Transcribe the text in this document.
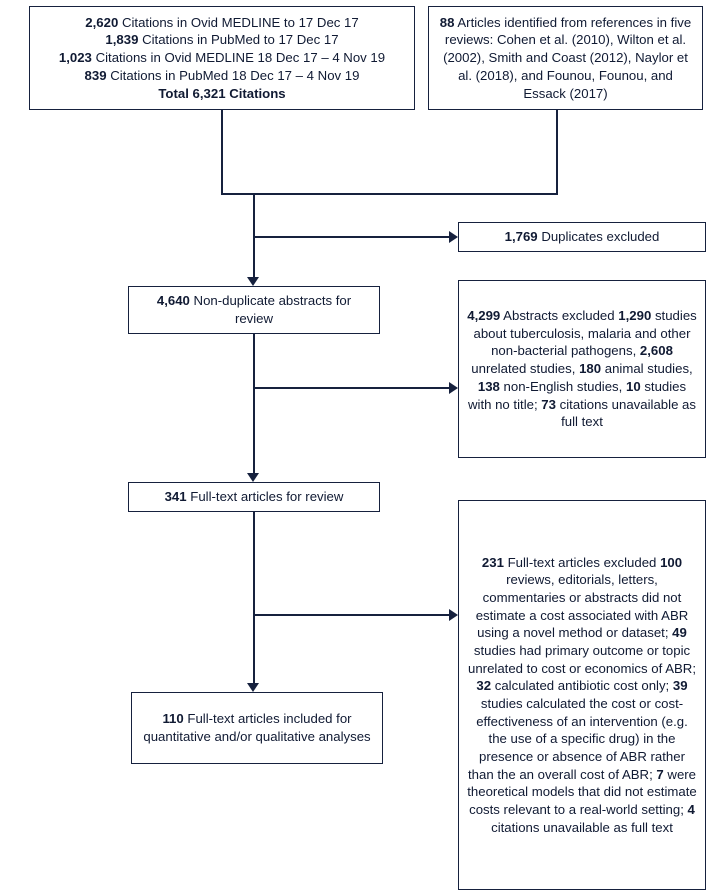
2,620 Citations in Ovid MEDLINE to 17 Dec 17
1,839 Citations in PubMed to 17 Dec 17
1,023 Citations in Ovid MEDLINE 18 Dec 17 – 4 Nov 19
839 Citations in PubMed 18 Dec 17 – 4 Nov 19
Total 6,321 Citations
88 Articles identified from references in five reviews: Cohen et al. (2010), Wilton et al. (2002), Smith and Coast (2012), Naylor et al. (2018), and Founou, Founou, and Essack (2017)
1,769 Duplicates excluded
4,640 Non-duplicate abstracts for review	4,299 Abstracts excluded 1,290 studies about tuberculosis, malaria and other non-bacterial pathogens, 2,608 unrelated studies, 180 animal studies, 138 non-English studies, 10 studies with no title; 73 citations unavailable as full text
341 Full-text articles for review
231 Full-text articles excluded 100 reviews, editorials, letters, commentaries or abstracts did not estimate a cost associated with ABR using a novel method or dataset; 49 studies had primary outcome or topic unrelated to cost or economics of ABR; 32 calculated antibiotic cost only; 39 studies calculated the cost or cost-effectiveness of an intervention (e.g. the use of a specific drug) in the presence or absence of ABR rather than the an overall cost of ABR; 7 were theoretical models that did not estimate costs relevant to a real-world setting; 4 citations unavailable as full text
110 Full-text articles included for quantitative and/or qualitative analyses
